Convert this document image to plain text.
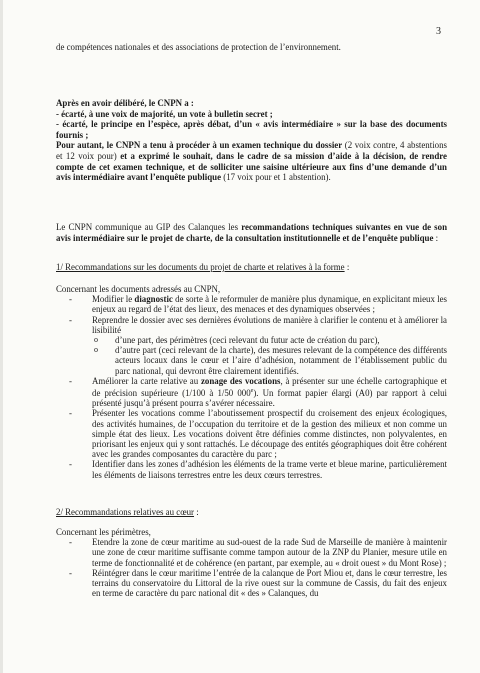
3

de compétences nationales et des associations de protection de l’environnement.

Après en avoir délibéré, le CNPN a :

- écarté, à une voix de majorité, un vote à bulletin secret ;

- écarté, le principe en l’espèce, après débat, d’un « avis intermédiaire » sur la base des documents fournis ;

Pour autant, le CNPN a tenu à procéder à un examen technique du dossier (2 voix contre, 4 abstentions et 12 voix pour) et a exprimé le souhait, dans le cadre de sa mission d’aide à la décision, de rendre compte de cet examen technique, et de solliciter une saisine ultérieure aux fins d’une demande d’un avis intermédiaire avant l’enquête publique (17 voix pour et 1 abstention).

Le CNPN communique au GIP des Calanques les recommandations techniques suivantes en vue de son avis intermédiaire sur le projet de charte, de la consultation institutionnelle et de l’enquête publique :

1/ Recommandations sur les documents du projet de charte et relatives à la forme :

Concernant les documents adressés au CNPN,

- Modifier le diagnostic de sorte à le reformuler de manière plus dynamique, en explicitant mieux les enjeux au regard de l’état des lieux, des menaces et des dynamiques observées ;
- Reprendre le dossier avec ses dernières évolutions de manière à clarifier le contenu et à améliorer la lisibilité
o d’une part, des périmètres (ceci relevant du futur acte de création du parc),
o d’autre part (ceci relevant de la charte), des mesures relevant de la compétence des différents acteurs locaux dans le cœur et l’aire d’adhésion, notamment de l’établissement public du parc national, qui devront être clairement identifiés.
- Améliorer la carte relative au zonage des vocations, à présenter sur une échelle cartographique et de précision supérieure (1/100 à 1/50 000e). Un format papier élargi (A0) par rapport à celui présenté jusqu’à présent pourra s’avérer nécessaire.
- Présenter les vocations comme l’aboutissement prospectif du croisement des enjeux écologiques, des activités humaines, de l’occupation du territoire et de la gestion des milieux et non comme un simple état des lieux. Les vocations doivent être définies comme distinctes, non polyvalentes, en priorisant les enjeux qui y sont rattachés. Le découpage des entités géographiques doit être cohérent avec les grandes composantes du caractère du parc ;
- Identifier dans les zones d’adhésion les éléments de la trame verte et bleue marine, particulièrement les éléments de liaisons terrestres entre les deux cœurs terrestres.

2/ Recommandations relatives au cœur :

Concernant les périmètres,

- Etendre la zone de cœur maritime au sud-ouest de la rade Sud de Marseille de manière à maintenir une zone de cœur maritime suffisante comme tampon autour de la ZNP du Planier, mesure utile en terme de fonctionnalité et de cohérence (en partant, par exemple, au « droit ouest » du Mont Rose) ;
- Réintégrer dans le cœur maritime l’entrée de la calanque de Port Miou et, dans le cœur terrestre, les terrains du conservatoire du Littoral de la rive ouest sur la commune de Cassis, du fait des enjeux en terme de caractère du parc national dit « des » Calanques, du
